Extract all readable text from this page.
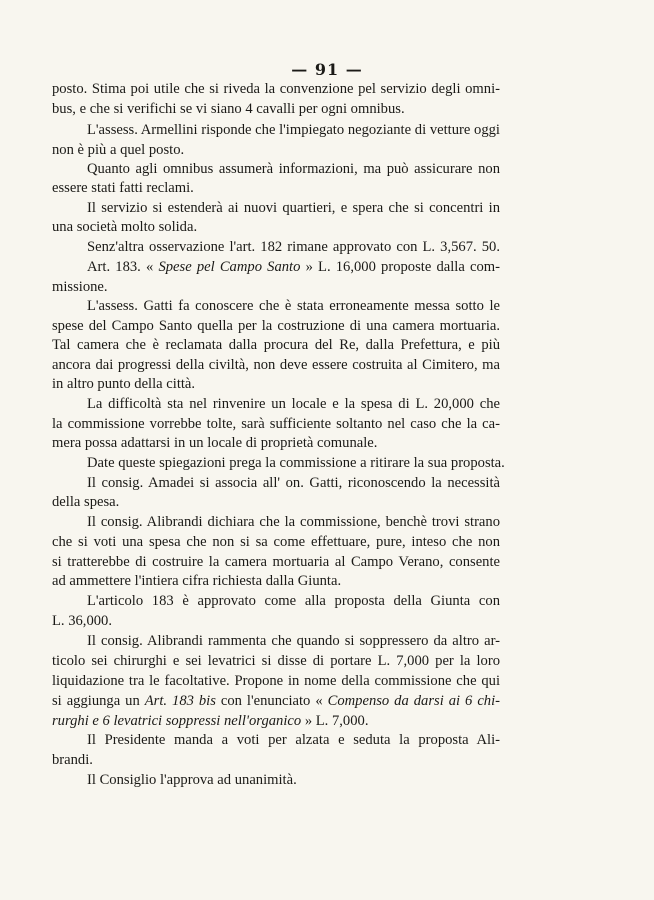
— 91 —
posto. Stima poi utile che si riveda la convenzione pel servizio degli omni-
bus, e che si verifichi se vi siano 4 cavalli per ogni omnibus.
L'assess. Armellini risponde che l'impiegato negoziante di vetture oggi
non è più a quel posto.
Quanto agli omnibus assumerà informazioni, ma può assicurare non
essere stati fatti reclami.
Il servizio si estenderà ai nuovi quartieri, e spera che si concentri in
una società molto solida.
Senz'altra osservazione l'art. 182 rimane approvato con L. 3,567. 50.
Art. 183. « Spese pel Campo Santo » L. 16,000 proposte dalla com-
missione.
L'assess. Gatti fa conoscere che è stata erroneamente messa sotto le
spese del Campo Santo quella per la costruzione di una camera mortuaria.
Tal camera che è reclamata dalla procura del Re, dalla Prefettura, e più
ancora dai progressi della civiltà, non deve essere costruita al Cimitero, ma
in altro punto della città.
La difficoltà sta nel rinvenire un locale e la spesa di L. 20,000 che
la commissione vorrebbe tolte, sarà sufficiente soltanto nel caso che la ca-
mera possa adattarsi in un locale di proprietà comunale.
Date queste spiegazioni prega la commissione a ritirare la sua proposta.
Il consig. Amadei si associa all' on. Gatti, riconoscendo la necessità
della spesa.
Il consig. Alibrandi dichiara che la commissione, benchè trovi strano
che si voti una spesa che non si sa come effettuare, pure, inteso che non
si tratterebbe di costruire la camera mortuaria al Campo Verano, consente
ad ammettere l'intiera cifra richiesta dalla Giunta.
L'articolo 183 è approvato come alla proposta della Giunta con
L. 36,000.
Il consig. Alibrandi rammenta che quando si soppressero da altro ar-
ticolo sei chirurghi e sei levatrici si disse di portare L. 7,000 per la loro
liquidazione tra le facoltative. Propone in nome della commissione che qui
si aggiunga un Art. 183 bis con l'enunciato « Compenso da darsi ai 6 chi-
rurghi e 6 levatrici soppressi nell'organico » L. 7,000.
Il Presidente manda a voti per alzata e seduta la proposta Ali-
brandi.
Il Consiglio l'approva ad unanimità.
